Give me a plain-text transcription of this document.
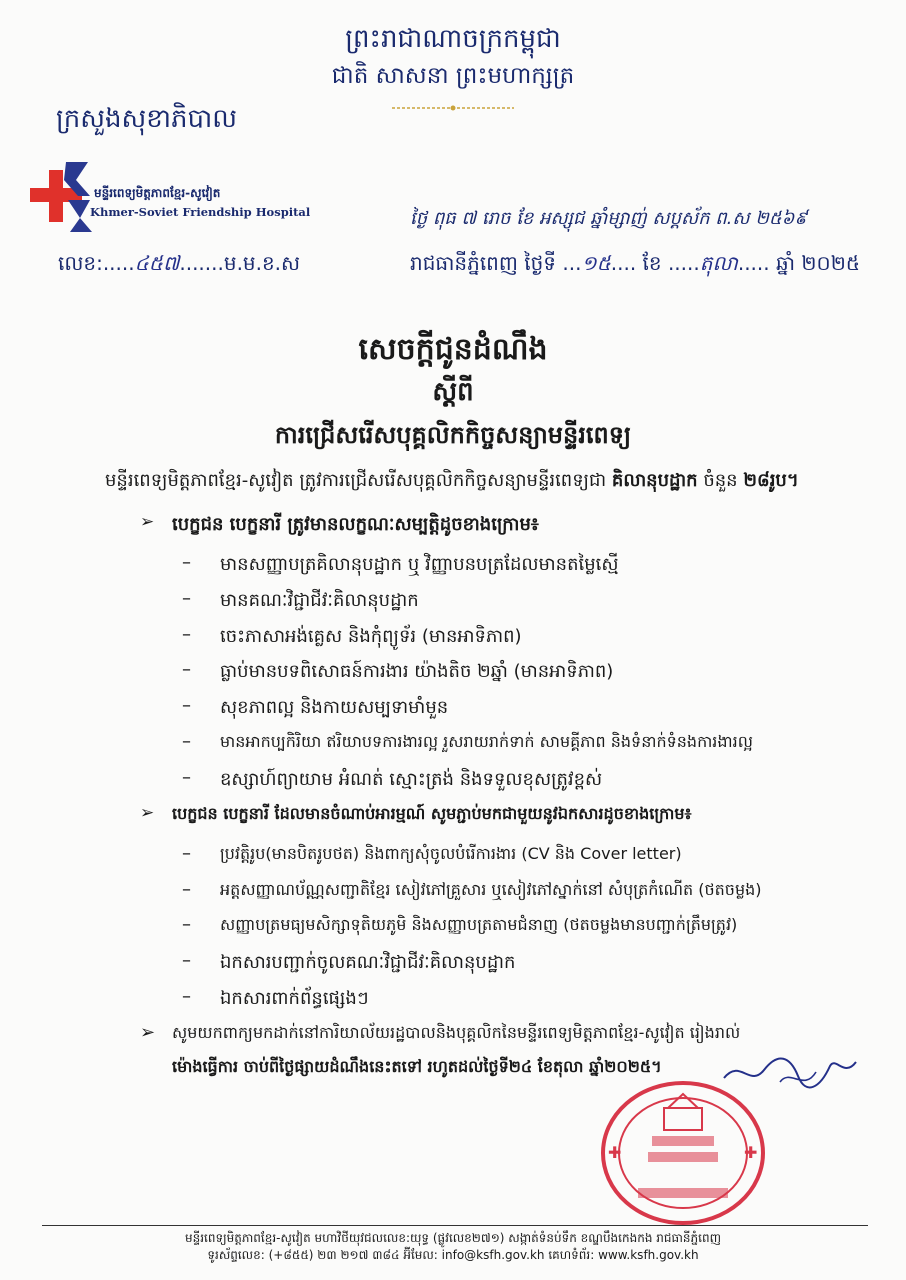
ព្រះរាជាណាចក្រកម្ពុជា
ជាតិ សាសនា ព្រះមហាក្សត្រ
ក្រសួងសុខាភិបាល
មន្ទីរពេទ្យមិត្តភាពខ្មែរ-សូវៀត
Khmer-Soviet Friendship Hospital
លេខ:.....៤៥៧.......ម.ម.ខ.ស
ថ្ងៃ ពុធ ៧ រោច ខែ អស្សុជ ឆ្នាំម្សាញ់ សប្តស័ក ព.ស ២៥៦៩
រាជធានីភ្នំពេញ ថ្ងៃទី ...១៥.... ខែ .....តុលា..... ឆ្នាំ ២០២៥
សេចក្តីជូនដំណឹង
ស្តីពី
ការជ្រើសរើសបុគ្គលិកកិច្ចសន្យាមន្ទីរពេទ្យ
មន្ទីរពេទ្យមិត្តភាពខ្មែរ-សូវៀត ត្រូវការជ្រើសរើសបុគ្គលិកកិច្ចសន្យាមន្ទីរពេទ្យជា គិលានុបដ្ឋាក ចំនួន ២៨រូប។
➢ បេក្ខជន បេក្ខនារី ត្រូវមានលក្ខណៈសម្បត្តិដូចខាងក្រោម៖
– មានសញ្ញាបត្រគិលានុបដ្ឋាក ឬ វិញ្ញាបនបត្រដែលមានតម្លៃស្មើ
– មានគណៈវិជ្ជាជីវៈគិលានុបដ្ឋាក
– ចេះភាសាអង់គ្លេស និងកុំព្យូទ័រ (មានអាទិភាព)
– ធ្លាប់មានបទពិសោធន៍ការងារ យ៉ាងតិច ២ឆ្នាំ (មានអាទិភាព)
– សុខភាពល្អ និងកាយសម្បទាមាំមួន
– មានអាកប្បកិរិយា ឥរិយាបទការងារល្អ រួសរាយរាក់ទាក់ សាមគ្គីភាព និងទំនាក់ទំនងការងារល្អ
– ឧស្សាហ៍ព្យាយាម អំណត់ ស្មោះត្រង់ និងទទួលខុសត្រូវខ្ពស់
➢ បេក្ខជន បេក្ខនារី ដែលមានចំណាប់អារម្មណ៍ សូមភ្ជាប់មកជាមួយនូវឯកសារដូចខាងក្រោម៖
– ប្រវត្តិរូប(មានបិតរូបថត) និងពាក្យសុំចូលបំរើការងារ (CV និង Cover letter)
– អត្តសញ្ញាណប័ណ្ណសញ្ជាតិខ្មែរ សៀវភៅគ្រួសារ ឬសៀវភៅស្នាក់នៅ សំបុត្រកំណើត (ថតចម្លង)
– សញ្ញាបត្រមធ្យមសិក្សាទុតិយភូមិ និងសញ្ញាបត្រតាមជំនាញ (ថតចម្លងមានបញ្ជាក់ត្រឹមត្រូវ)
– ឯកសារបញ្ជាក់ចូលគណៈវិជ្ជាជីវៈគិលានុបដ្ឋាក
– ឯកសារពាក់ព័ន្ធផ្សេងៗ
➢ សូមយកពាក្យមកដាក់នៅការិយាល័យរដ្ឋបាលនិងបុគ្គលិកនៃមន្ទីរពេទ្យមិត្តភាពខ្មែរ-សូវៀត រៀងរាល់
ម៉ោងធ្វើការ ចាប់ពីថ្ងៃផ្សាយដំណឹងនេះតទៅ រហូតដល់ថ្ងៃទី២៤ ខែតុលា ឆ្នាំ២០២៥។
✚	✚
មន្ទីរពេទ្យមិត្តភាពខ្មែរ-សូវៀត មហាវិថីយុវជលលេខ:យុទ្ធ (ផ្លូវលេខ២៧១) សង្កាត់ទំនប់ទឹក ខណ្ឌបឹងកេងកង រាជធានីភ្នំពេញ
ទូរស័ព្ទលេខ: (+៨៥៥) ២៣ ២១៧ ៣៨៤ អ៊ីមែល: info@ksfh.gov.kh គេហទំព័រ: www.ksfh.gov.kh
